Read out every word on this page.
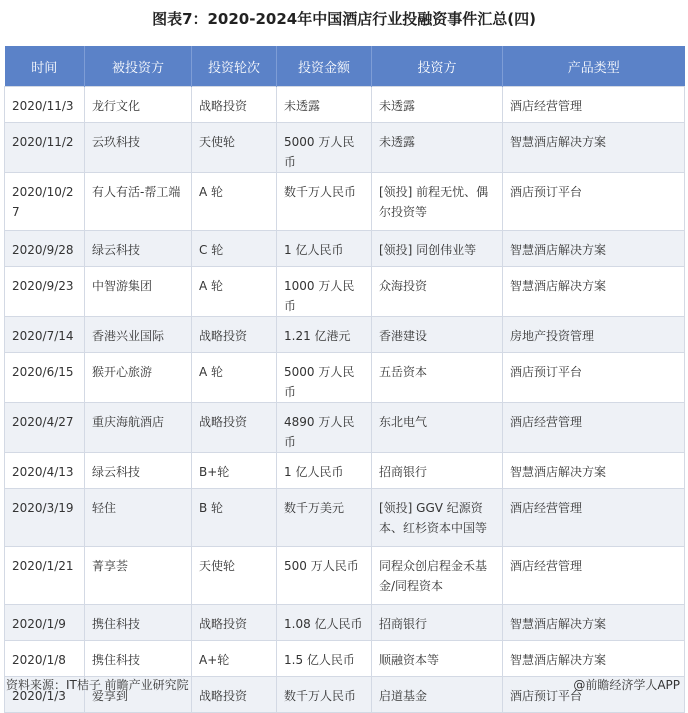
图表7：2020-2024年中国酒店行业投融资事件汇总(四)
时间	被投资方	投资轮次	投资金额	投资方	产品类型
2020/11/3	龙行文化	战略投资	未透露	未透露	酒店经营管理
2020/11/2	云玖科技	天使轮	5000 万人民币	未透露	智慧酒店解决方案
2020/10/27	有人有活-帮工端	A 轮	数千万人民币	[领投] 前程无忧、偶尔投资等	酒店预订平台
2020/9/28	绿云科技	C 轮	1 亿人民币	[领投] 同创伟业等	智慧酒店解决方案
2020/9/23	中智游集团	A 轮	1000 万人民币	众海投资	智慧酒店解决方案
2020/7/14	香港兴业国际	战略投资	1.21 亿港元	香港建设	房地产投资管理
2020/6/15	猴开心旅游	A 轮	5000 万人民币	五岳资本	酒店预订平台
2020/4/27	重庆海航酒店	战略投资	4890 万人民币	东北电气	酒店经营管理
2020/4/13	绿云科技	B+轮	1 亿人民币	招商银行	智慧酒店解决方案
2020/3/19	轻住	B 轮	数千万美元	[领投] GGV 纪源资本、红杉资本中国等	酒店经营管理
2020/1/21	菁享荟	天使轮	500 万人民币	同程众创启程金禾基金/同程资本	酒店经营管理
2020/1/9	携住科技	战略投资	1.08 亿人民币	招商银行	智慧酒店解决方案
2020/1/8	携住科技	A+轮	1.5 亿人民币	顺融资本等	智慧酒店解决方案
2020/1/3	爱享到	战略投资	数千万人民币	启道基金	酒店预订平台
资料来源：IT桔子 前瞻产业研究院	@前瞻经济学人APP
